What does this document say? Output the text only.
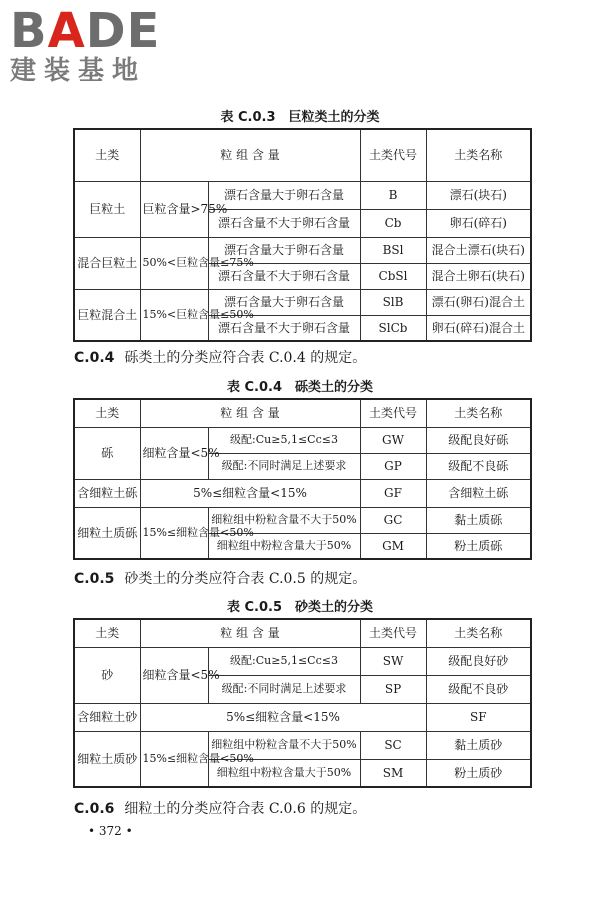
BADE
建装基地
表 C.0.3　巨粒类土的分类
土类	粒 组 含 量		土类代号	土类名称
巨粒土	巨粒含量>75%	漂石含量大于卵石含量	B	漂石(块石)
		漂石含量不大于卵石含量	Cb	卵石(碎石)
混合巨粒土	50%<巨粒含量≤75%	漂石含量大于卵石含量	BSl	混合土漂石(块石)
		漂石含量不大于卵石含量	CbSl	混合土卵石(块石)
巨粒混合土	15%<巨粒含量≤50%	漂石含量大于卵石含量	SlB	漂石(卵石)混合土
		漂石含量不大于卵石含量	SlCb	卵石(碎石)混合土
C.0.4 砾类土的分类应符合表 C.0.4 的规定。
表 C.0.4　砾类土的分类
土类	粒 组 含 量		土类代号	土类名称
砾	细粒含量<5%	级配:Cu≥5,1≤Cc≤3	GW	级配良好砾
		级配:不同时满足上述要求	GP	级配不良砾
含细粒土砾	5%≤细粒含量<15%		GF	含细粒土砾
细粒土质砾	15%≤细粒含量<50%	细粒组中粉粒含量不大于50%	GC	黏土质砾
		细粒组中粉粒含量大于50%	GM	粉土质砾
C.0.5 砂类土的分类应符合表 C.0.5 的规定。
表 C.0.5　砂类土的分类
土类	粒 组 含 量		土类代号	土类名称
砂	细粒含量<5%	级配:Cu≥5,1≤Cc≤3	SW	级配良好砂
		级配:不同时满足上述要求	SP	级配不良砂
含细粒土砂	5%≤细粒含量<15%			SF
细粒土质砂	15%≤细粒含量<50%	细粒组中粉粒含量不大于50%	SC	黏土质砂
		细粒组中粉粒含量大于50%	SM	粉土质砂
C.0.6 细粒土的分类应符合表 C.0.6 的规定。
• 372 •
